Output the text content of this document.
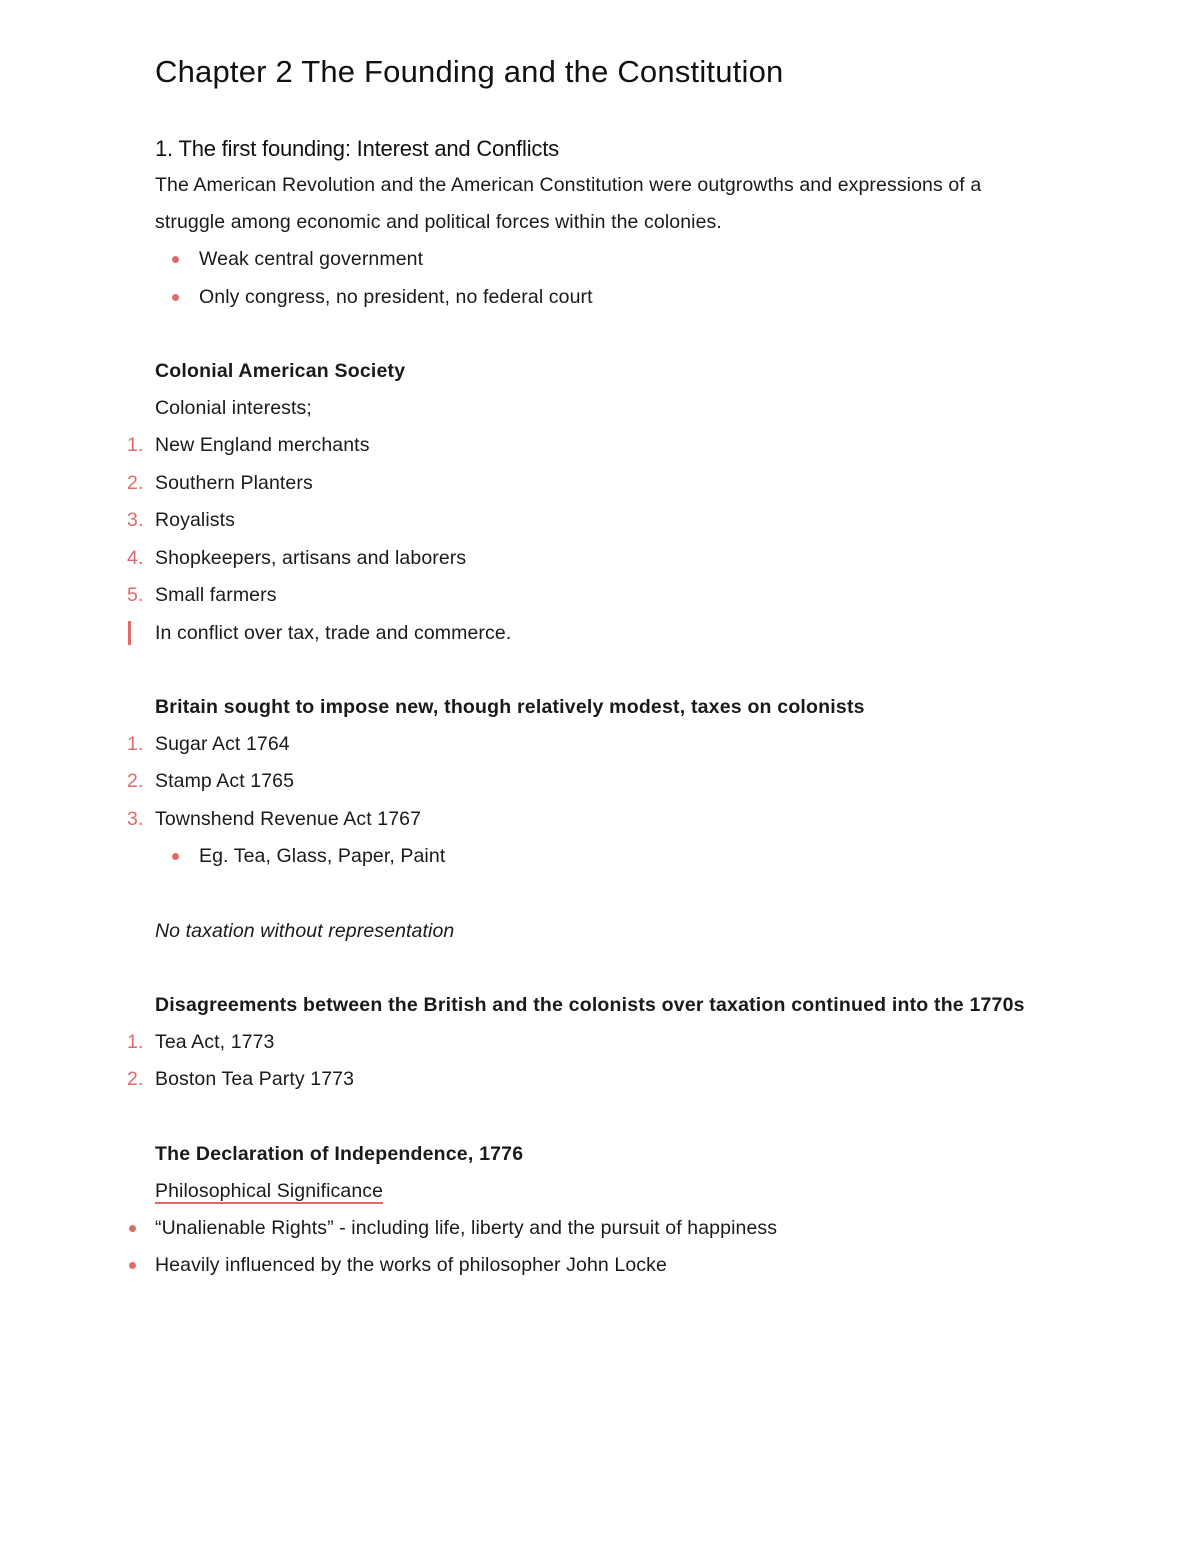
Chapter 2 The Founding and the Constitution
1. The first founding: Interest and Conflicts

The American Revolution and the American Constitution were outgrowths and expressions of a struggle among economic and political forces within the colonies.

Weak central government
Only congress, no president, no federal court

Colonial American Society

Colonial interests;

1. New England merchants
2. Southern Planters
3. Royalists
4. Shopkeepers, artisans and laborers
5. Small farmers
In conflict over tax, trade and commerce.

Britain sought to impose new, though relatively modest, taxes on colonists

1. Sugar Act 1764
2. Stamp Act 1765
3. Townshend Revenue Act 1767
Eg. Tea, Glass, Paper, Paint

No taxation without representation

Disagreements between the British and the colonists over taxation continued into the 1770s

1. Tea Act, 1773
2. Boston Tea Party 1773

The Declaration of Independence, 1776

Philosophical Significance
“Unalienable Rights” - including life, liberty and the pursuit of happiness
Heavily influenced by the works of philosopher John Locke
